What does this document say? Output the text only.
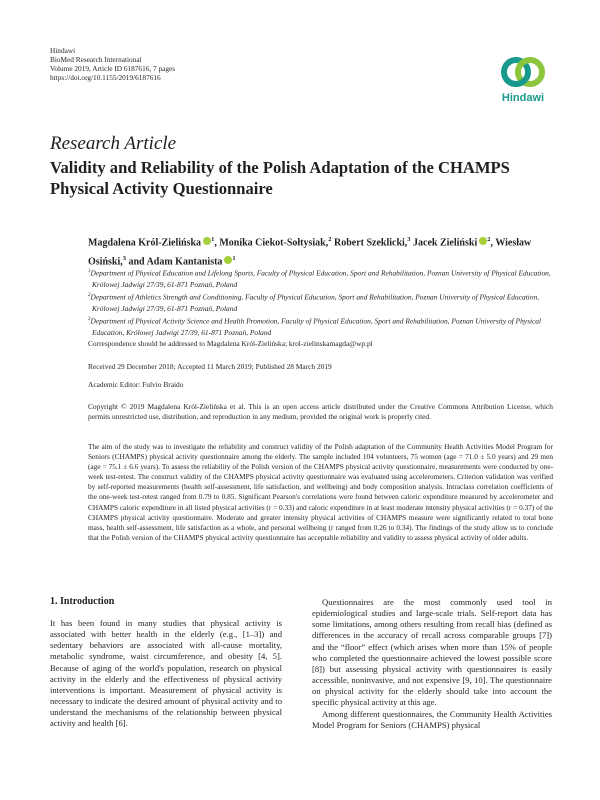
Hindawi
BioMed Research International
Volume 2019, Article ID 6187616, 7 pages
https://doi.org/10.1155/2019/6187616
Hindawi
Research Article
Validity and Reliability of the Polish Adaptation of the CHAMPS Physical Activity Questionnaire
Magdalena Król-Zielińska $^1$, Monika Ciekot-Sołtysiak,$^2$ Robert Szeklicki,$^3$ Jacek Zieliński $^2$, Wiesław Osiński,$^3$ and Adam Kantanista $^1$
$^1$Department of Physical Education and Lifelong Sports, Faculty of Physical Education, Sport and Rehabilitation, Poznan University of Physical Education, Królowej Jadwigi 27/39, 61-871 Poznań, Poland
$^2$Department of Athletics Strength and Conditioning, Faculty of Physical Education, Sport and Rehabilitation, Poznan University of Physical Education, Królowej Jadwigi 27/39, 61-871 Poznań, Poland
$^3$Department of Physical Activity Science and Health Promotion, Faculty of Physical Education, Sport and Rehabilitation, Poznan University of Physical Education, Królowej Jadwigi 27/39, 61-871 Poznań, Poland
Correspondence should be addressed to Magdalena Król-Zielińska; krol-zielinskamagda@wp.pl
Received 29 December 2018; Accepted 11 March 2019; Published 28 March 2019
Academic Editor: Fulvio Braido
Copyright © 2019 Magdalena Król-Zielińska et al. This is an open access article distributed under the Creative Commons Attribution License, which permits unrestricted use, distribution, and reproduction in any medium, provided the original work is properly cited.
The aim of the study was to investigate the reliability and construct validity of the Polish adaptation of the Community Health Activities Model Program for Seniors (CHAMPS) physical activity questionnaire among the elderly. The sample included 104 volunteers, 75 women (age = 71.0 ± 5.0 years) and 29 men (age = 75.1 ± 6.6 years). To assess the reliability of the Polish version of the CHAMPS physical activity questionnaire, measurements were conducted by one-week test-retest. The construct validity of the CHAMPS physical activity questionnaire was evaluated using accelerometers. Criterion validation was verified by self-reported measurements (health self-assessment, life satisfaction, and wellbeing) and body composition analysis. Intraclass correlation coefficients of the one-week test-retest ranged from 0.79 to 0.85. Significant Pearson's correlations were found between caloric expenditure measured by accelerometer and CHAMPS caloric expenditure in all listed physical activities (r = 0.33) and caloric expenditure in at least moderate intensity physical activities (r = 0.37) of the CHAMPS physical activity questionnaire. Moderate and greater intensity physical activities of CHAMPS measure were significantly related to total bone mass, health self-assessment, life satisfaction as a whole, and personal wellbeing (r ranged from 0.26 to 0.34). The findings of the study allow us to conclude that the Polish version of the CHAMPS physical activity questionnaire has acceptable reliability and validity to assess physical activity of older adults.
1. Introduction

It has been found in many studies that physical activity is associated with better health in the elderly (e.g., [1–3]) and sedentary behaviors are associated with all-cause mortality, metabolic syndrome, waist circumference, and obesity [4, 5]. Because of aging of the world's population, research on physical activity in the elderly and the effectiveness of physical activity interventions is important. Measurement of physical activity is necessary to indicate the desired amount of physical activity and to understand the mechanisms of the relationship between physical activity and health [6].

Questionnaires are the most commonly used tool in epidemiological studies and large-scale trials. Self-report data has some limitations, among others resulting from recall bias (defined as differences in the accuracy of recall across comparable groups [7]) and the “floor” effect (which arises when more than 15% of people who completed the questionnaire achieved the lowest possible score [8]) but assessing physical activity with questionnaires is easily accessible, noninvasive, and not expensive [9, 10]. The questionnaire on physical activity for the elderly should take into account the specific physical activity at this age.

Among different questionnaires, the Community Health Activities Model Program for Seniors (CHAMPS) physical
